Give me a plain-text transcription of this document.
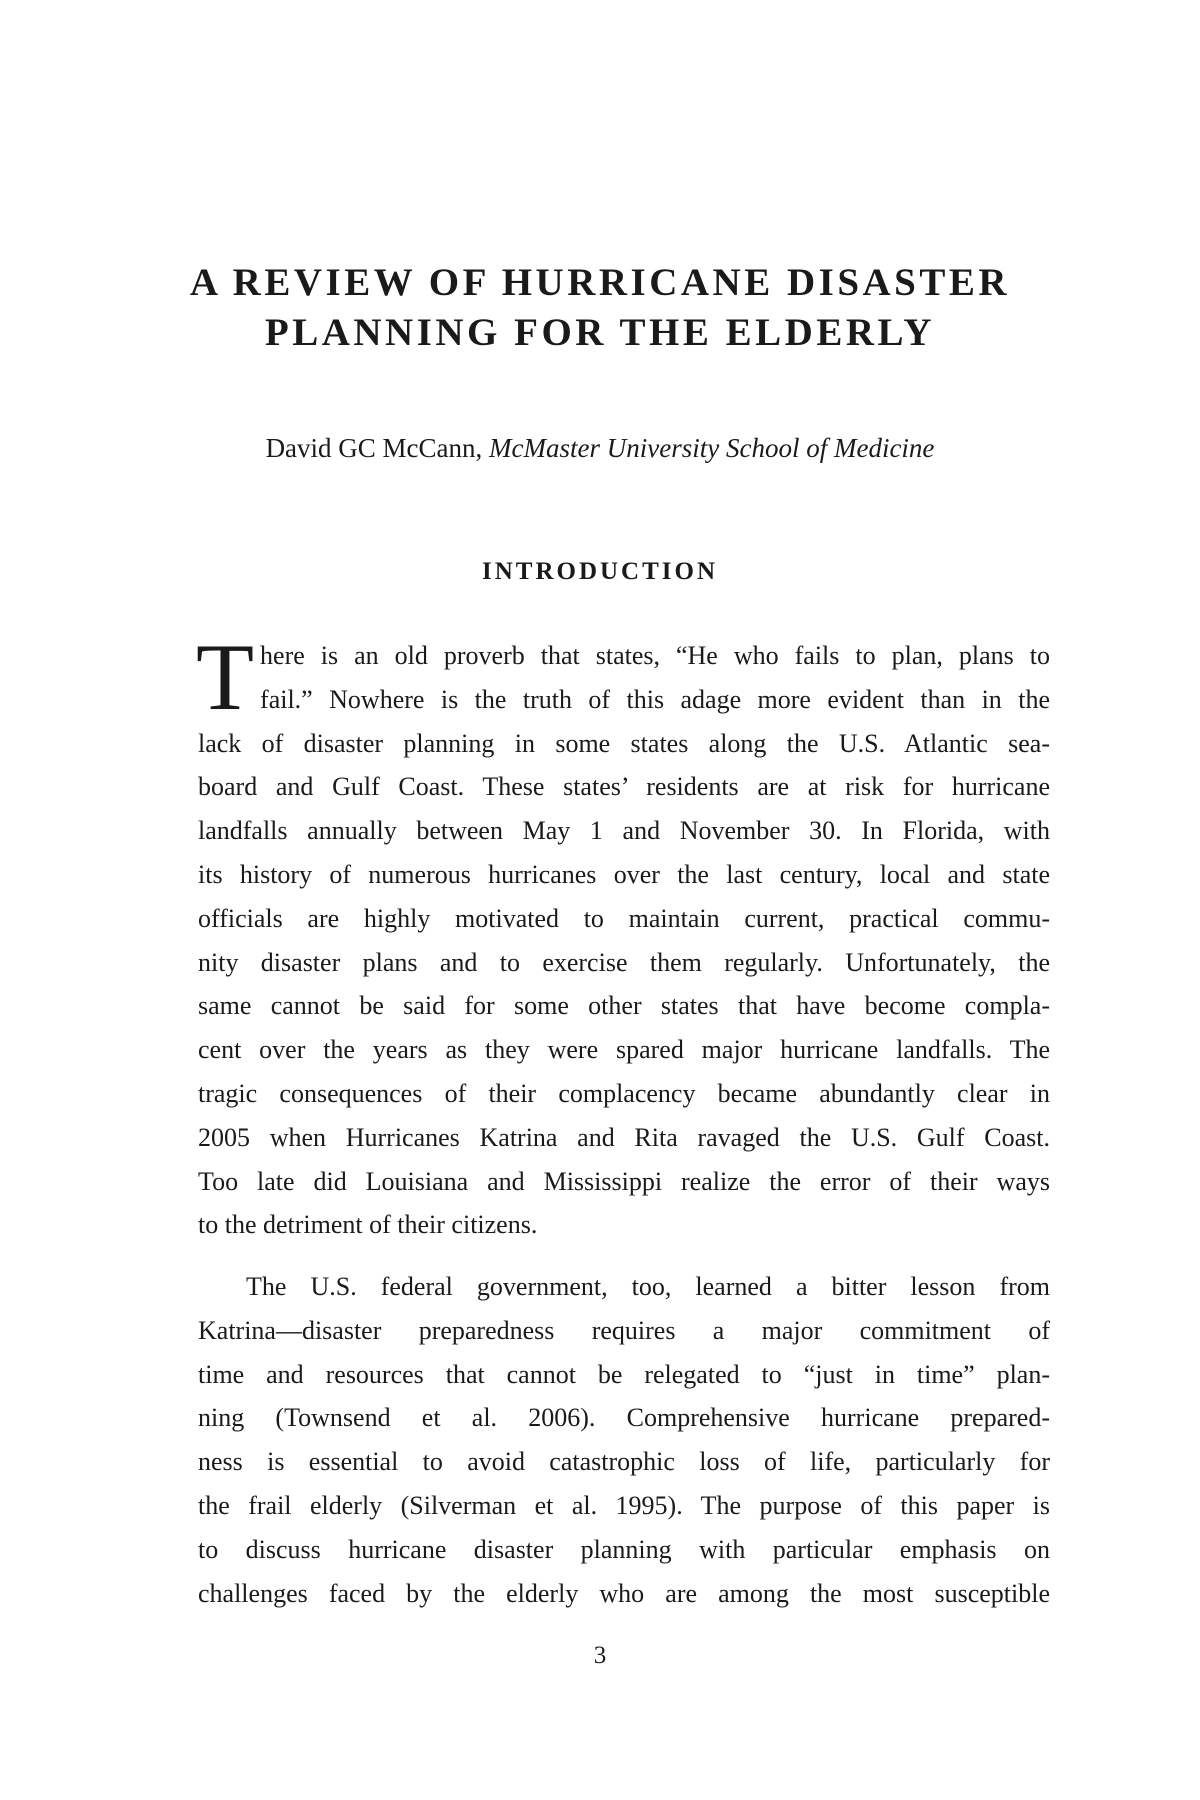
A REVIEW OF HURRICANE DISASTER
PLANNING FOR THE ELDERLY

David GC McCann, McMaster University School of Medicine

INTRODUCTION
T here is an old proverb that states, “He who fails to plan, plans to
fail.” Nowhere is the truth of this adage more evident than in the
lack of disaster planning in some states along the U.S. Atlantic sea-
board and Gulf Coast. These states’ residents are at risk for hurricane
landfalls annually between May 1 and November 30. In Florida, with
its history of numerous hurricanes over the last century, local and state
officials are highly motivated to maintain current, practical commu-
nity disaster plans and to exercise them regularly. Unfortunately, the
same cannot be said for some other states that have become compla-
cent over the years as they were spared major hurricane landfalls. The
tragic consequences of their complacency became abundantly clear in
2005 when Hurricanes Katrina and Rita ravaged the U.S. Gulf Coast.
Too late did Louisiana and Mississippi realize the error of their ways
to the detriment of their citizens.
The U.S. federal government, too, learned a bitter lesson from
Katrina—disaster preparedness requires a major commitment of
time and resources that cannot be relegated to “just in time” plan-
ning (Townsend et al. 2006). Comprehensive hurricane prepared-
ness is essential to avoid catastrophic loss of life, particularly for
the frail elderly (Silverman et al. 1995). The purpose of this paper is
to discuss hurricane disaster planning with particular emphasis on
challenges faced by the elderly who are among the most susceptible
3
